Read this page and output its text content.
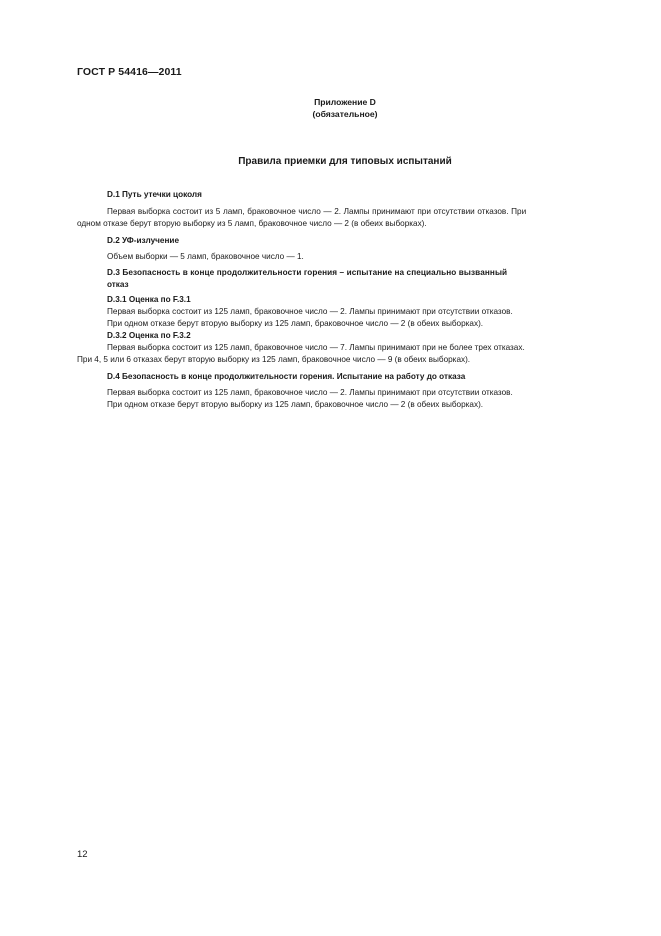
ГОСТ Р 54416—2011
Приложение D
(обязательное)
Правила приемки для типовых испытаний
D.1 Путь утечки цоколя
Первая выборка состоит из 5 ламп, браковочное число — 2. Лампы принимают при отсутствии отказов. При
одном отказе берут вторую выборку из 5 ламп, браковочное число — 2 (в обеих выборках).
D.2 УФ-излучение
Объем выборки — 5 ламп, браковочное число — 1.
D.3 Безопасность в конце продолжительности горения – испытание на специально вызванный
отказ
D.3.1 Оценка по F.3.1
Первая выборка состоит из 125 ламп, браковочное число — 2. Лампы принимают при отсутствии отказов.
При одном отказе берут вторую выборку из 125 ламп, браковочное число — 2 (в обеих выборках).
D.3.2 Оценка по F.3.2
Первая выборка состоит из 125 ламп, браковочное число — 7. Лампы принимают при не более трех отказах.
При 4, 5 или 6 отказах берут вторую выборку из 125 ламп, браковочное число — 9 (в обеих выборках).
D.4 Безопасность в конце продолжительности горения. Испытание на работу до отказа
Первая выборка состоит из 125 ламп, браковочное число — 2. Лампы принимают при отсутствии отказов.
При одном отказе берут вторую выборку из 125 ламп, браковочное число — 2 (в обеих выборках).
12
